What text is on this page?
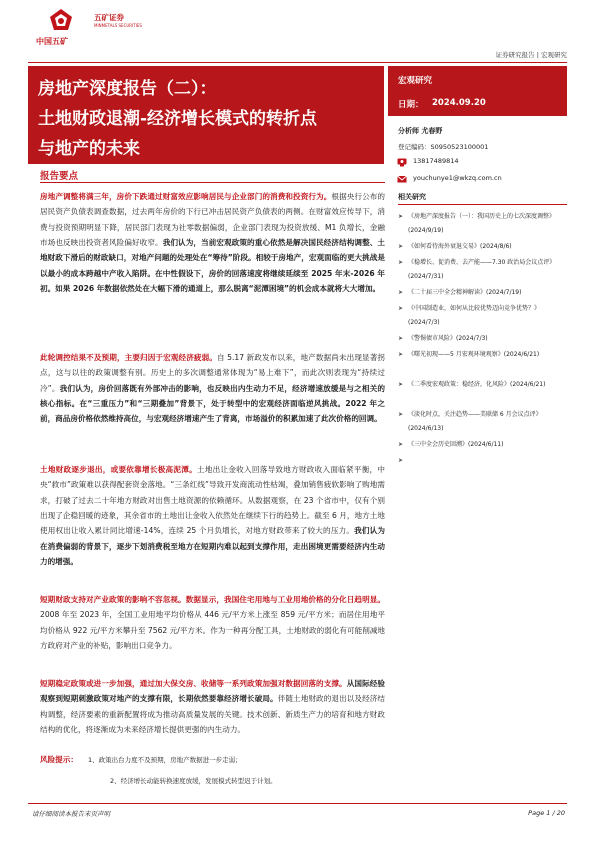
中国五矿
五矿证券
MINMETALS SECURITIES
证券研究报告 | 宏观研究
房地产深度报告（二）：
土地财政退潮-经济增长模式的转折点
与地产的未来
宏观研究
日期： 2024.09.20
分析师 尤春野
登记编码：S0950523100001
13817489814
youchunye1@wkzq.com.cn
相关研究
➤ 《房地产深度报告（一）：我国历史上的七次深度调整》(2024/9/19)
➤ 《如何看待海外衰退交易》(2024/8/6)
➤ 《稳增长、促消费、去产能——7.30 政治局会议点评》(2024/7/31)
➤ 《二十届三中全会精神解读》(2024/7/19)
➤ 《中国制造业，如何从比较优势迈向竞争优势？》(2024/7/3)
➤ 《警惕债市风险》(2024/7/3)
➤ 《曙光初现——5 月宏观环境观察》(2024/6/21)
➤ 《二季度宏观政策：稳经济，化风险》(2024/6/21)
➤ 《淡化时点，关注趋势——美联储 6 月会议点评》(2024/6/13)
➤ 《三中全会历史回溯》(2024/6/11)
➤
报告要点
房地产调整将满三年，房价下跌通过财富效应影响居民与企业部门的消费和投资行为。根据央行公布的居民资产负债表调查数据，过去两年房价的下行已冲击居民资产负债表的两侧。在财富效应传导下，消费与投资预期明显下降，居民部门表现为社零数据偏弱，企业部门表现为投资放缓、M1 负增长，金融市场也反映出投资者风险偏好收窄。我们认为，当前宏观政策的重心依然是解决国民经济结构调整、土地财政下滑后的财政缺口，对地产问题的处理处在“筹待”阶段。相较于房地产，宏观面临的更大挑战是以最小的成本跨越中产收入陷阱。在中性假设下，房价的回落速度将继续延续至 2025 年末-2026 年初。如果 2026 年数据依然处在大幅下滑的通道上，那么脱离“泥潭困境”的机会成本就将大大增加。
此轮调控结果不及预期，主要归因于宏观经济疲弱。自 5.17 新政发布以来，地产数据尚未出现显著拐点，这与以往的政策调整有别。历史上的多次调整通常体现为“易上难下”，而此次则表现为“持续过冷”。我们认为，房价回落既有外部冲击的影响，也反映出内生动力不足，经济增速放缓是与之相关的核心指标。在“三重压力”和“三期叠加”背景下，处于转型中的宏观经济面临逆风挑战。2022 年之前，商品房价格依然维持高位，与宏观经济增速产生了背离，市场溢价的积累加速了此次价格的回调。
土地财政逐步退出，或要依靠增长极高泥潭。土地出让金收入回落导致地方财政收入面临紧平衡，中央“救市”政策难以获得配套资金落地。“三条红线”导致开发商流动性枯竭，叠加销售疲软影响了购地需求，打破了过去二十年地方财政对出售土地资源的依赖循环。从数据观察，在 23 个省市中，仅有个别出现了企稳回暖的迹象，其余省市的土地出让金收入依然处在继续下行的趋势上。截至 6 月，地方土地使用权出让收入累计同比增速-14%，连续 25 个月负增长，对地方财政带来了较大的压力。我们认为在消费偏弱的背景下，逐步下划消费税至地方在短期内难以起到支撑作用，走出困境更需要经济内生动力的增强。
短期财政支持对产业政策的影响不容忽视。数据显示，我国住宅用地与工业用地价格的分化日趋明显。2008 年至 2023 年，全国工业用地平均价格从 446 元/平方米上涨至 859 元/平方米；而居住用地平均价格从 922 元/平方米攀升至 7562 元/平方米。作为一种再分配工具，土地财政的弱化有可能削减地方政府对产业的补贴，影响出口竞争力。
短期稳定政策或进一步加强，通过加大保交房、收储等一系列政策加强对数据回落的支撑。从国际经验观察到短期刺激政策对地产的支撑有限，长期依然要靠经济增长破局。伴随土地财政的退出以及经济结构调整，经济要素的重新配置将成为推动高质量发展的关键。技术创新、新质生产力的培育和地方财政结构的优化，将逐渐成为未来经济增长提供更强的内生动力。
风险提示： 1、政策出台力度不及预期，房地产数据进一步走弱；
2、经济增长动能转换速度放缓，发展模式转型迟于计划。
请仔细阅读本报告末页声明	Page 1 / 20
